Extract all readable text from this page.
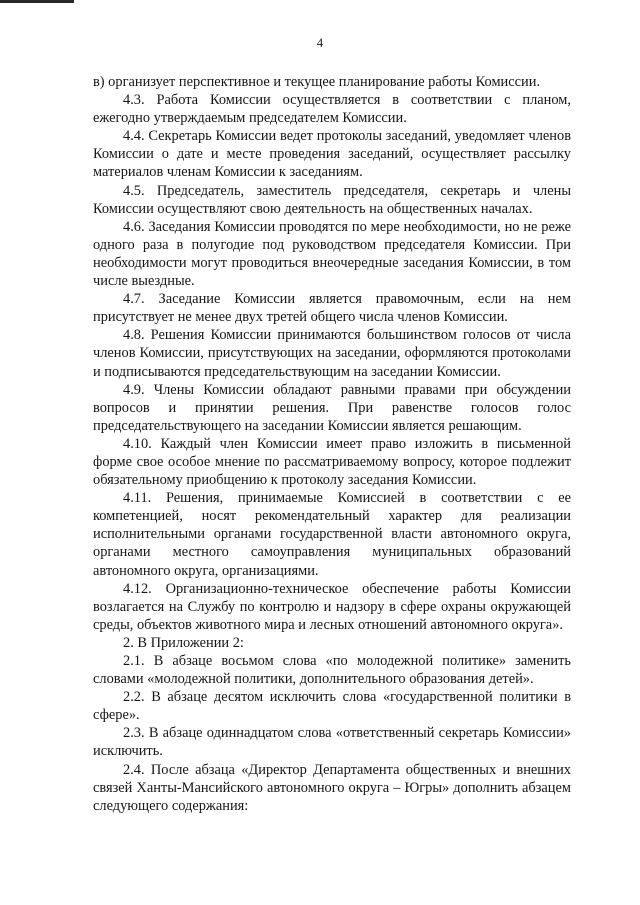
4

в) организует перспективное и текущее планирование работы Комиссии.

4.3. Работа Комиссии осуществляется в соответствии с планом, ежегодно утверждаемым председателем Комиссии.

4.4. Секретарь Комиссии ведет протоколы заседаний, уведомляет членов Комиссии о дате и месте проведения заседаний, осуществляет рассылку материалов членам Комиссии к заседаниям.

4.5. Председатель, заместитель председателя, секретарь и члены Комиссии осуществляют свою деятельность на общественных началах.

4.6. Заседания Комиссии проводятся по мере необходимости, но не реже одного раза в полугодие под руководством председателя Комиссии. При необходимости могут проводиться внеочередные заседания Комиссии, в том числе выездные.

4.7. Заседание Комиссии является правомочным, если на нем присутствует не менее двух третей общего числа членов Комиссии.

4.8. Решения Комиссии принимаются большинством голосов от числа членов Комиссии, присутствующих на заседании, оформляются протоколами и подписываются председательствующим на заседании Комиссии.

4.9. Члены Комиссии обладают равными правами при обсуждении вопросов и принятии решения. При равенстве голосов голос председательствующего на заседании Комиссии является решающим.

4.10. Каждый член Комиссии имеет право изложить в письменной форме свое особое мнение по рассматриваемому вопросу, которое подлежит обязательному приобщению к протоколу заседания Комиссии.

4.11. Решения, принимаемые Комиссией в соответствии с ее компетенцией, носят рекомендательный характер для реализации исполнительными органами государственной власти автономного округа, органами местного самоуправления муниципальных образований автономного округа, организациями.

4.12. Организационно-техническое обеспечение работы Комиссии возлагается на Службу по контролю и надзору в сфере охраны окружающей среды, объектов животного мира и лесных отношений автономного округа».

2. В Приложении 2:

2.1. В абзаце восьмом слова «по молодежной политике» заменить словами «молодежной политики, дополнительного образования детей».

2.2. В абзаце десятом исключить слова «государственной политики в сфере».

2.3. В абзаце одиннадцатом слова «ответственный секретарь Комиссии» исключить.

2.4. После абзаца «Директор Департамента общественных и внешних связей Ханты-Мансийского автономного округа – Югры» дополнить абзацем следующего содержания:
